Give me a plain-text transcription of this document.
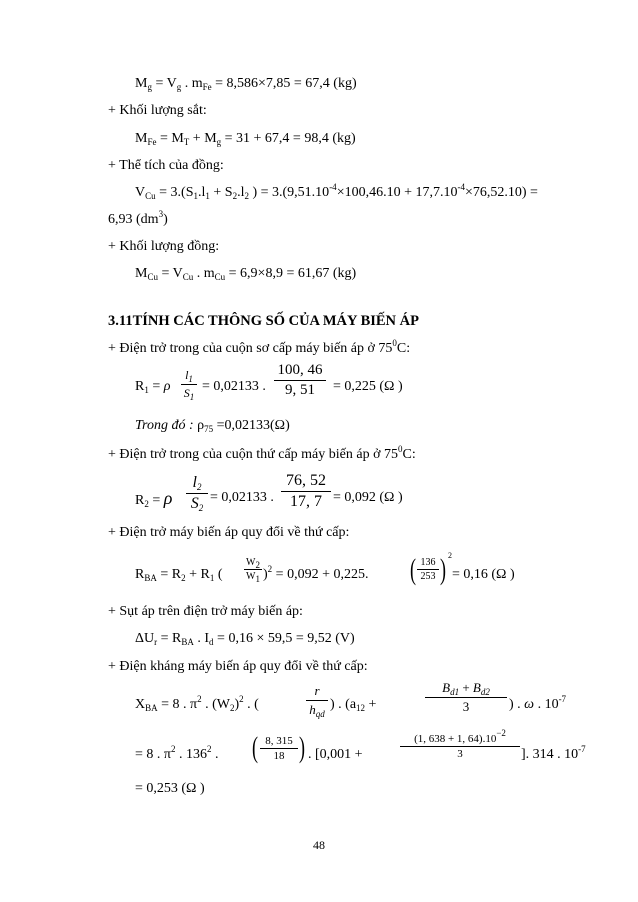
$M_g = V_g$ . $m_{Fe} = 8,586\times 7,85 = 67,4$ (kg)
+ Khối lượng sắt:
$M_{Fe} = M_T + M_g = 31 + 67,4 = 98,4$ (kg)
+ Thể tích của đồng:
$V_{Cu} = 3.(S_1.l_1 + S_2.l_2$ ) = $3.(9,51.10^{-4}\times 100,46.10 + 17,7.10^{-4}\times 76,52.10)$ =
6,93 $(dm^3)$
+ Khối lượng đồng:
$M_{Cu} = V_{Cu}$ . $m_{Cu} = 6,9\times 8,9 = 61,67$ (kg)
3.11TÍNH CÁC THÔNG SỐ CỦA MÁY BIẾN ÁP
+ Điện trở trong của cuộn sơ cấp máy biến áp ở $75^0C$:
$R_1 = \rho$
$l_1$
$S_1$
= 0,02133 .
100, 46
9, 51	= 0,225 (Ω )
Trong đó : $\rho_{75} =0,02133(\Omega)$
+ Điện trở trong của cuộn thứ cấp máy biến áp ở $75^0C$:
$R_2 = \rho$
$l_2$
$S_2$
= 0,02133 .
76, 52
17, 7 = 0,092 (Ω )
+ Điện trở máy biến áp quy đổi về thứ cấp:
$R_{BA} = R_2 + R_1$ (
$W_2$
$W_1$ )$^2$ = 0,092 + 0,225. ( 136
253 ) 2
= 0,16 (Ω )
+ Sụt áp trên điện trở máy biến áp:
$\Delta U_r = R_{BA}$ . $I_d = 0,16 \times 59,5 = 9,52$ (V)
+ Điện kháng máy biến áp quy đổi về thứ cấp:
$X_{BA} = 8$ . $\pi^2$ . $(W_2)^2$ . (
r
$h_{qd}$
) . ($a_{12}$ +
$B_{d1} + B_{d2}$
3	) . ω . $10^{-7}$
= 8 . $\pi^2$ . $136^2$ . ( 8, 315
18 ) . [0,001 +
(1, 638 + 1, $64).10^{-2}$
3	]. 314 . $10^{-7}$
= 0,253 (Ω )
48
